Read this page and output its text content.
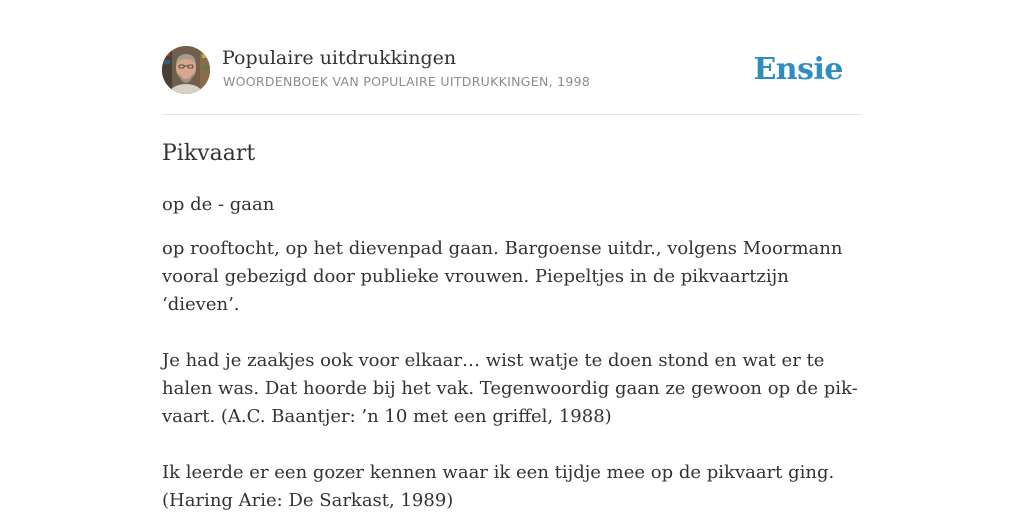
Populaire uitdrukkingen
WOORDENBOEK VAN POPULAIRE UITDRUKKINGEN, 1998	Ensie
Pikvaart

op de - gaan

op rooftocht, op het dievenpad gaan. Bargoense uitdr., volgens Moormann vooral gebezigd door publieke vrouwen. Piepeltjes in de pikvaartzijn ‘dieven’.

Je had je zaakjes ook voor elkaar… wist watje te doen stond en wat er te halen was. Dat hoorde bij het vak. Tegenwoordig gaan ze gewoon op de pik- vaart. (A.C. Baantjer: ’n 10 met een griffel, 1988)

Ik leerde er een gozer kennen waar ik een tijdje mee op de pikvaart ging. (Haring Arie: De Sarkast, 1989)
